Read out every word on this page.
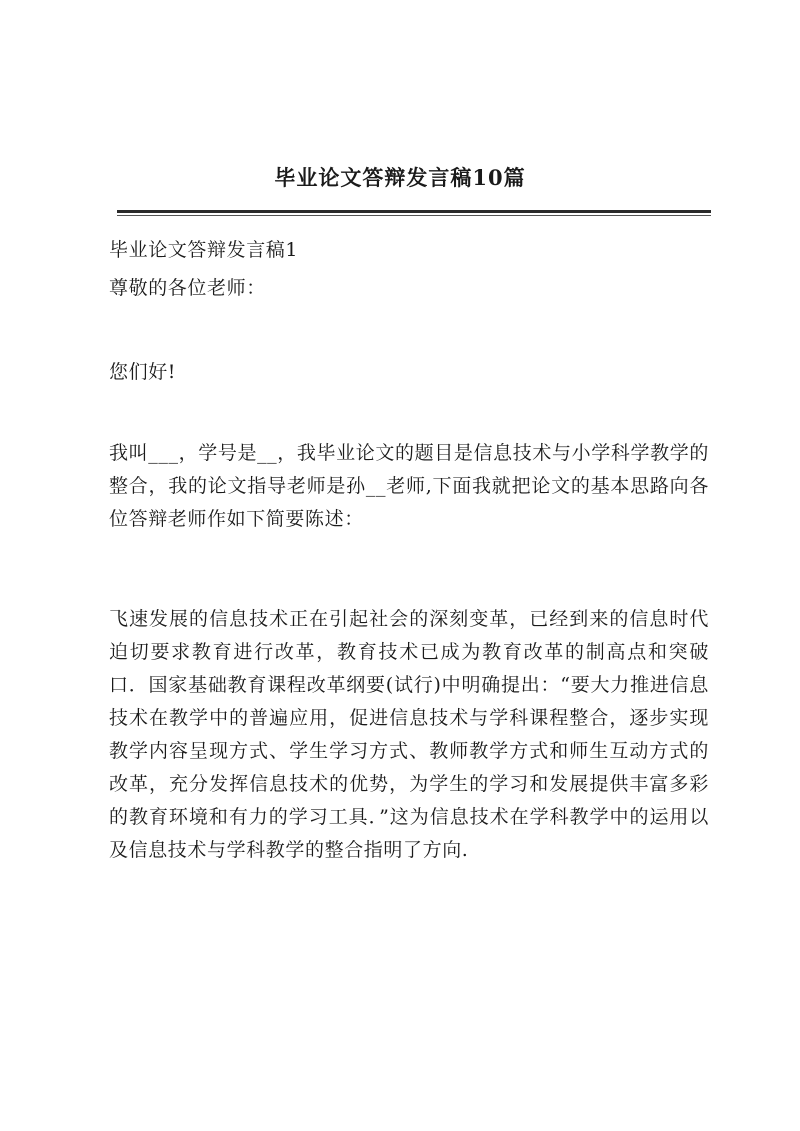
毕业论文答辩发言稿10篇
毕业论文答辩发言稿1
尊敬的各位老师：
您们好!
我叫___，学号是__，我毕业论文的题目是信息技术与小学科学教学的整合，我的论文指导老师是孙__老师,下面我就把论文的基本思路向各位答辩老师作如下简要陈述：
飞速发展的信息技术正在引起社会的深刻变革，已经到来的信息时代迫切要求教育进行改革，教育技术已成为教育改革的制高点和突破口．国家基础教育课程改革纲要(试行)中明确提出：“要大力推进信息技术在教学中的普遍应用，促进信息技术与学科课程整合，逐步实现教学内容呈现方式、学生学习方式、教师教学方式和师生互动方式的改革，充分发挥信息技术的优势，为学生的学习和发展提供丰富多彩的教育环境和有力的学习工具．”这为信息技术在学科教学中的运用以及信息技术与学科教学的整合指明了方向.
